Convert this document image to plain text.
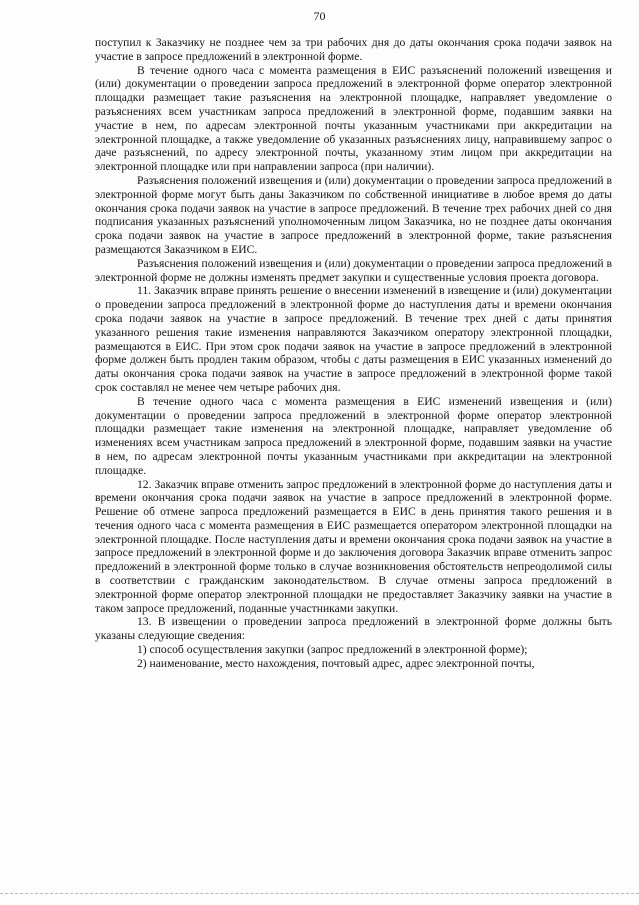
70

поступил к Заказчику не позднее чем за три рабочих дня до даты окончания срока подачи заявок на участие в запросе предложений в электронной форме.

В течение одного часа с момента размещения в ЕИС разъяснений положений извещения и (или) документации о проведении запроса предложений в электронной форме оператор электронной площадки размещает такие разъяснения на электронной площадке, направляет уведомление о разъяснениях всем участникам запроса предложений в электронной форме, подавшим заявки на участие в нем, по адресам электронной почты указанным участниками при аккредитации на электронной площадке, а также уведомление об указанных разъяснениях лицу, направившему запрос о даче разъяснений, по адресу электронной почты, указанному этим лицом при аккредитации на электронной площадке или при направлении запроса (при наличии).

Разъяснения положений извещения и (или) документации о проведении запроса предложений в электронной форме могут быть даны Заказчиком по собственной инициативе в любое время до даты окончания срока подачи заявок на участие в запросе предложений. В течение трех рабочих дней со дня подписания указанных разъяснений уполномоченным лицом Заказчика, но не позднее даты окончания срока подачи заявок на участие в запросе предложений в электронной форме, такие разъяснения размещаются Заказчиком в ЕИС.

Разъяснения положений извещения и (или) документации о проведении запроса предложений в электронной форме не должны изменять предмет закупки и существенные условия проекта договора.

11. Заказчик вправе принять решение о внесении изменений в извещение и (или) документации о проведении запроса предложений в электронной форме до наступления даты и времени окончания срока подачи заявок на участие в запросе предложений. В течение трех дней с даты принятия указанного решения такие изменения направляются Заказчиком оператору электронной площадки, размещаются в ЕИС. При этом срок подачи заявок на участие в запросе предложений в электронной форме должен быть продлен таким образом, чтобы с даты размещения в ЕИС указанных изменений до даты окончания срока подачи заявок на участие в запросе предложений в электронной форме такой срок составлял не менее чем четыре рабочих дня.

В течение одного часа с момента размещения в ЕИС изменений извещения и (или) документации о проведении запроса предложений в электронной форме оператор электронной площадки размещает такие изменения на электронной площадке, направляет уведомление об изменениях всем участникам запроса предложений в электронной форме, подавшим заявки на участие в нем, по адресам электронной почты указанным участниками при аккредитации на электронной площадке.

12. Заказчик вправе отменить запрос предложений в электронной форме до наступления даты и времени окончания срока подачи заявок на участие в запросе предложений в электронной форме. Решение об отмене запроса предложений размещается в ЕИС в день принятия такого решения и в течения одного часа с момента размещения в ЕИС размещается оператором электронной площадки на электронной площадке. После наступления даты и времени окончания срока подачи заявок на участие в запросе предложений в электронной форме и до заключения договора Заказчик вправе отменить запрос предложений в электронной форме только в случае возникновения обстоятельств непреодолимой силы в соответствии с гражданским законодательством. В случае отмены запроса предложений в электронной форме оператор электронной площадки не предоставляет Заказчику заявки на участие в таком запросе предложений, поданные участниками закупки.

13. В извещении о проведении запроса предложений в электронной форме должны быть указаны следующие сведения:

1) способ осуществления закупки (запрос предложений в электронной форме);

2) наименование, место нахождения, почтовый адрес, адрес электронной почты,
